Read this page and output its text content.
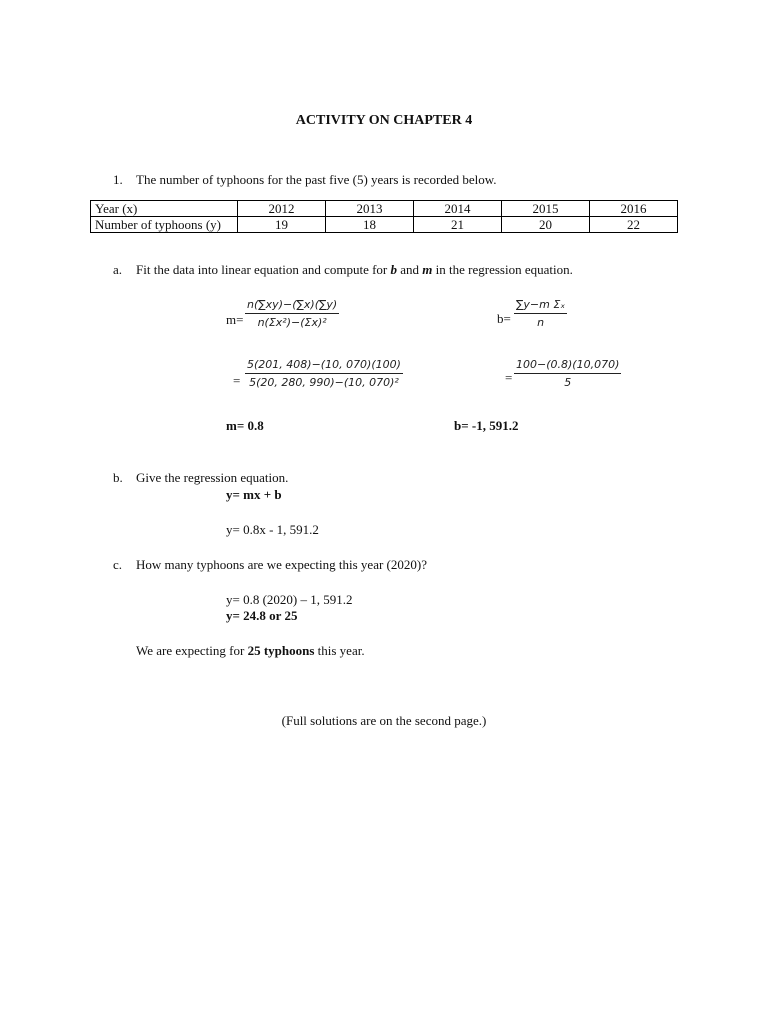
ACTIVITY ON CHAPTER 4
1. The number of typhoons for the past five (5) years is recorded below.
Year (x)	2012	2013	2014	2015	2016
Number of typhoons (y)	19	18	21	20	22
a. Fit the data into linear equation and compute for b and m in the regression equation.
$m= \frac{n(\sum xy)-(\sum x)(\sum y)}{\text{n(Σx²)−(Σx)²}}$	$b= \frac{\text{∑y−m Σₓ}}{n}$
= $\frac{5(201, 408)-(10, 070)(100)}{\text{5(20, 280, 990)−(10, 070)²}}$	= $\frac{100-(0.8)(10,070)}{5}$
m= 0.8	b= -1, 591.2
b. Give the regression equation.
y= mx + b
y= 0.8x - 1, 591.2
c. How many typhoons are we expecting this year (2020)?
y= 0.8 (2020) – 1, 591.2
y= 24.8 or 25
We are expecting for 25 typhoons this year.
(Full solutions are on the second page.)
